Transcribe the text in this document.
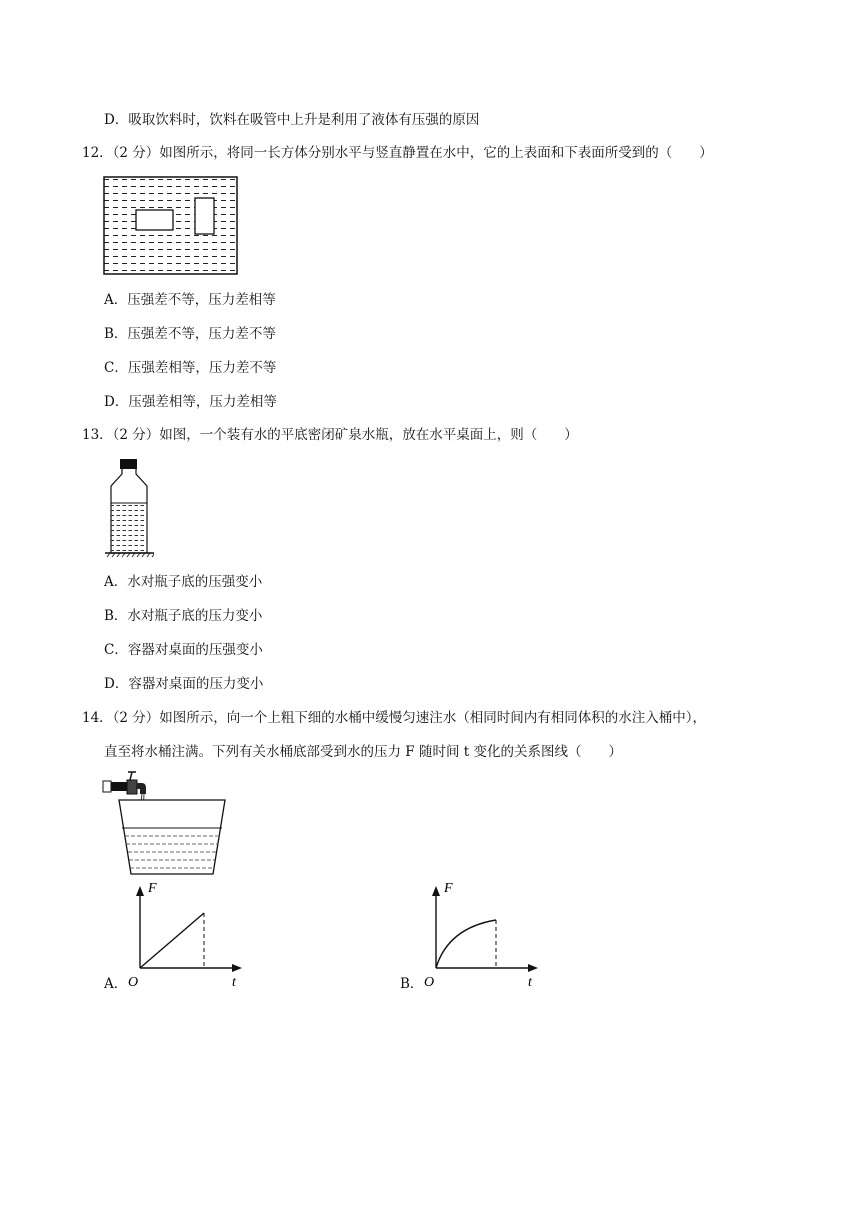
D．吸取饮料时，饮料在吸管中上升是利用了液体有压强的原因
12．（2 分）如图所示，将同一长方体分别水平与竖直静置在水中，它的上表面和下表面所受到的（　　）
A．压强差不等，压力差相等
B．压强差不等，压力差不等
C．压强差相等，压力差不等
D．压强差相等，压力差相等
13．（2 分）如图，一个装有水的平底密闭矿泉水瓶，放在水平桌面上，则（　　）
A．水对瓶子底的压强变小
B．水对瓶子底的压力变小
C．容器对桌面的压强变小
D．容器对桌面的压力变小
14．（2 分）如图所示，向一个上粗下细的水桶中缓慢匀速注水（相同时间内有相同体积的水注入桶中），
直至将水桶注满。下列有关水桶底部受到水的压力 F 随时间 t 变化的关系图线（　　）
A．
F
O	t	B．
F
O	t
